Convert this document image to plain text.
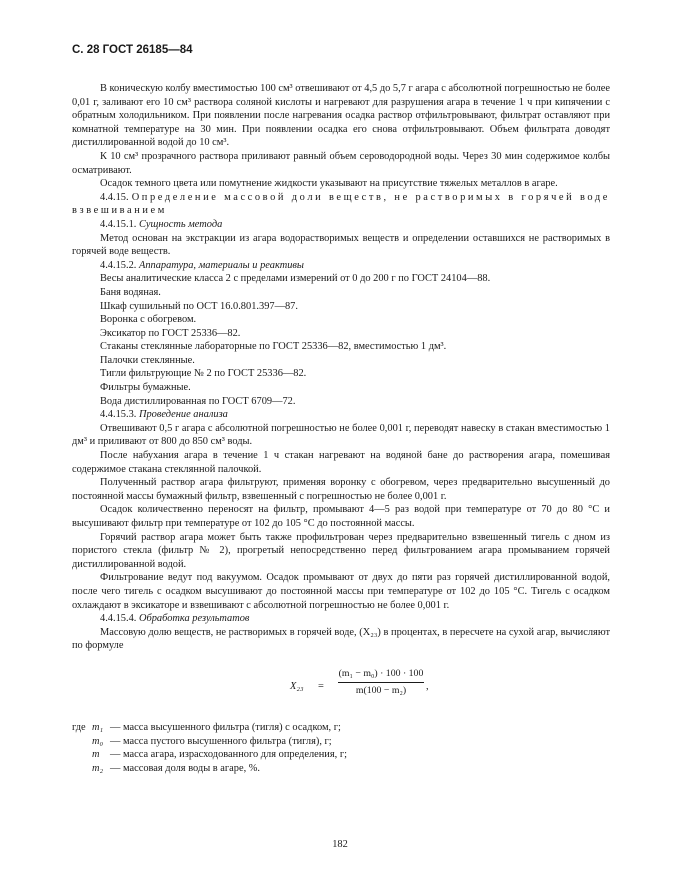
С. 28 ГОСТ 26185—84

В коническую колбу вместимостью 100 см³ отвешивают от 4,5 до 5,7 г агара с абсолютной погрешностью не более 0,01 г, заливают его 10 см³ раствора соляной кислоты и нагревают для разрушения агара в течение 1 ч при кипячении с обратным холодильником. При появлении после нагревания осадка раствор отфильтровывают, фильтрат оставляют при комнатной температуре на 30 мин. При появлении осадка его снова отфильтровывают. Объем фильтрата доводят дистиллированной водой до 10 см³.

К 10 см³ прозрачного раствора приливают равный объем сероводородной воды. Через 30 мин содержимое колбы осматривают.

Осадок темного цвета или помутнение жидкости указывают на присутствие тяжелых металлов в агаре.

4.4.15. Определение массовой доли веществ, не растворимых в горячей воде взвешиванием

4.4.15.1. Сущность метода

Метод основан на экстракции из агара водорастворимых веществ и определении оставшихся не растворимых в горячей воде веществ.

4.4.15.2. Аппаратура, материалы и реактивы

Весы аналитические класса 2 с пределами измерений от 0 до 200 г по ГОСТ 24104—88.

Баня водяная.

Шкаф сушильный по ОСТ 16.0.801.397—87.

Воронка с обогревом.

Эксикатор по ГОСТ 25336—82.

Стаканы стеклянные лабораторные по ГОСТ 25336—82, вместимостью 1 дм³.

Палочки стеклянные.

Тигли фильтрующие № 2 по ГОСТ 25336—82.

Фильтры бумажные.

Вода дистиллированная по ГОСТ 6709—72.

4.4.15.3. Проведение анализа

Отвешивают 0,5 г агара с абсолютной погрешностью не более 0,001 г, переводят навеску в стакан вместимостью 1 дм³ и приливают от 800 до 850 см³ воды.

После набухания агара в течение 1 ч стакан нагревают на водяной бане до растворения агара, помешивая содержимое стакана стеклянной палочкой.

Полученный раствор агара фильтруют, применяя воронку с обогревом, через предварительно высушенный до постоянной массы бумажный фильтр, взвешенный с погрешностью не более 0,001 г.

Осадок количественно переносят на фильтр, промывают 4—5 раз водой при температуре от 70 до 80 °С и высушивают фильтр при температуре от 102 до 105 °С до постоянной массы.

Горячий раствор агара может быть также профильтрован через предварительно взвешенный тигель с дном из пористого стекла (фильтр № 2), прогретый непосредственно перед фильтрованием агара промыванием горячей дистиллированной водой.

Фильтрование ведут под вакуумом. Осадок промывают от двух до пяти раз горячей дистиллированной водой, после чего тигель с осадком высушивают до постоянной массы при температуре от 102 до 105 °С. Тигель с осадком охлаждают в эксикаторе и взвешивают с абсолютной погрешностью не более 0,001 г.

4.4.15.4. Обработка результатов

Массовую долю веществ, не растворимых в горячей воде, (X₂₃) в процентах, в пересчете на сухой агар, вычисляют по формуле

X₂₃ =
(m₁ − m₀) · 100 · 100
m(100 − m₂)	,
где m₁ — масса высушенного фильтра (тигля) с осадком, г;
m₀ — масса пустого высушенного фильтра (тигля), г;
m — масса агара, израсходованного для определения, г;
m₂ — массовая доля воды в агаре, %.
182
